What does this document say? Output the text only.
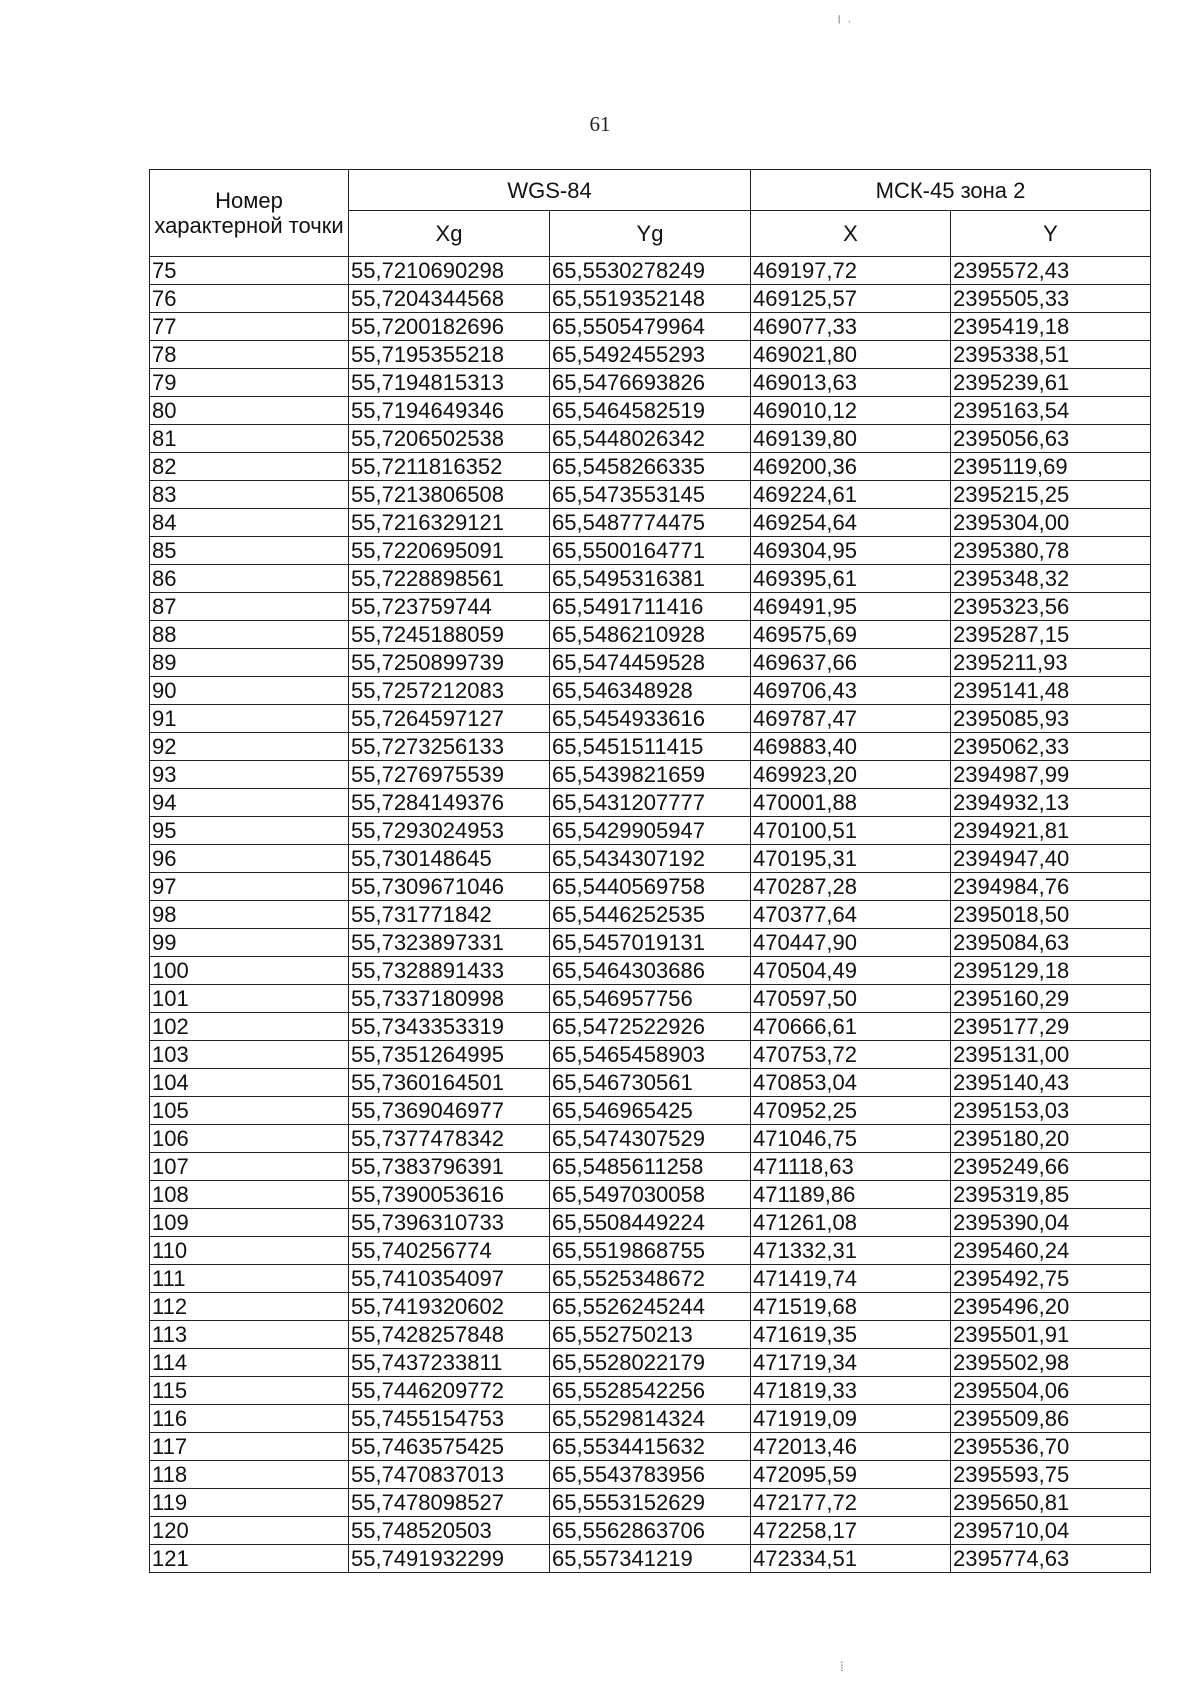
╷ ˌ
⁞
61
Номер характерной точки	WGS-84		МСК-45 зона 2	
	Xg	Yg	X	Y
75	55,7210690298	65,5530278249	469197,72	2395572,43
76	55,7204344568	65,5519352148	469125,57	2395505,33
77	55,7200182696	65,5505479964	469077,33	2395419,18
78	55,7195355218	65,5492455293	469021,80	2395338,51
79	55,7194815313	65,5476693826	469013,63	2395239,61
80	55,7194649346	65,5464582519	469010,12	2395163,54
81	55,7206502538	65,5448026342	469139,80	2395056,63
82	55,7211816352	65,5458266335	469200,36	2395119,69
83	55,7213806508	65,5473553145	469224,61	2395215,25
84	55,7216329121	65,5487774475	469254,64	2395304,00
85	55,7220695091	65,5500164771	469304,95	2395380,78
86	55,7228898561	65,5495316381	469395,61	2395348,32
87	55,723759744	65,5491711416	469491,95	2395323,56
88	55,7245188059	65,5486210928	469575,69	2395287,15
89	55,7250899739	65,5474459528	469637,66	2395211,93
90	55,7257212083	65,546348928	469706,43	2395141,48
91	55,7264597127	65,5454933616	469787,47	2395085,93
92	55,7273256133	65,5451511415	469883,40	2395062,33
93	55,7276975539	65,5439821659	469923,20	2394987,99
94	55,7284149376	65,5431207777	470001,88	2394932,13
95	55,7293024953	65,5429905947	470100,51	2394921,81
96	55,730148645	65,5434307192	470195,31	2394947,40
97	55,7309671046	65,5440569758	470287,28	2394984,76
98	55,731771842	65,5446252535	470377,64	2395018,50
99	55,7323897331	65,5457019131	470447,90	2395084,63
100	55,7328891433	65,5464303686	470504,49	2395129,18
101	55,7337180998	65,546957756	470597,50	2395160,29
102	55,7343353319	65,5472522926	470666,61	2395177,29
103	55,7351264995	65,5465458903	470753,72	2395131,00
104	55,7360164501	65,546730561	470853,04	2395140,43
105	55,7369046977	65,546965425	470952,25	2395153,03
106	55,7377478342	65,5474307529	471046,75	2395180,20
107	55,7383796391	65,5485611258	471118,63	2395249,66
108	55,7390053616	65,5497030058	471189,86	2395319,85
109	55,7396310733	65,5508449224	471261,08	2395390,04
110	55,740256774	65,5519868755	471332,31	2395460,24
111	55,7410354097	65,5525348672	471419,74	2395492,75
112	55,7419320602	65,5526245244	471519,68	2395496,20
113	55,7428257848	65,552750213	471619,35	2395501,91
114	55,7437233811	65,5528022179	471719,34	2395502,98
115	55,7446209772	65,5528542256	471819,33	2395504,06
116	55,7455154753	65,5529814324	471919,09	2395509,86
117	55,7463575425	65,5534415632	472013,46	2395536,70
118	55,7470837013	65,5543783956	472095,59	2395593,75
119	55,7478098527	65,5553152629	472177,72	2395650,81
120	55,748520503	65,5562863706	472258,17	2395710,04
121	55,7491932299	65,557341219	472334,51	2395774,63
